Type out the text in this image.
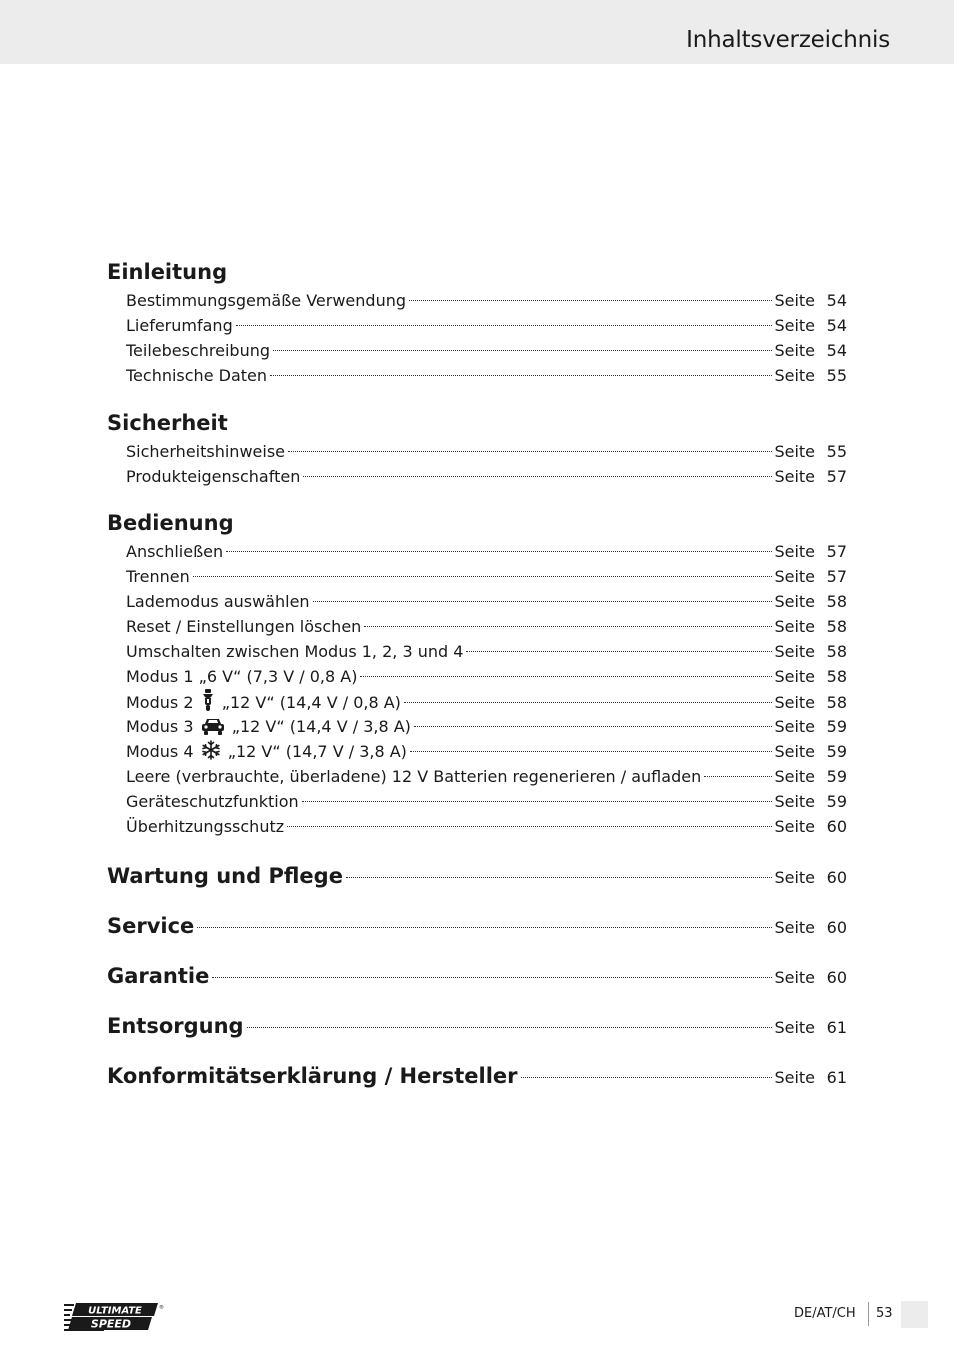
Inhaltsverzeichnis
Einleitung
Bestimmungsgemäße Verwendung	Seite 54
Lieferumfang	Seite 54
Teilebeschreibung	Seite 54
Technische Daten	Seite 55
Sicherheit
Sicherheitshinweise	Seite 55
Produkteigenschaften	Seite 57
Bedienung
Anschließen	Seite 57
Trennen	Seite 57
Lademodus auswählen	Seite 58
Reset / Einstellungen löschen	Seite 58
Umschalten zwischen Modus 1, 2, 3 und 4	Seite 58
Modus 1 „6 V“ (7,3 V / 0,8 A)	Seite 58
Modus 2 „12 V“ (14,4 V / 0,8 A)	Seite 58
Modus 3 „12 V“ (14,4 V / 3,8 A)	Seite 59
Modus 4 „12 V“ (14,7 V / 3,8 A)	Seite 59
Leere (verbrauchte, überladene) 12 V Batterien regenerieren / aufladen	Seite 59
Geräteschutzfunktion	Seite 59
Überhitzungsschutz	Seite 60
Wartung und Pflege	Seite 60
Service	Seite 60
Garantie	Seite 60
Entsorgung	Seite 61
Konformitätserklärung / Hersteller	Seite 61
ULTIMATE
SPEED
®	DE/AT/CH 53
